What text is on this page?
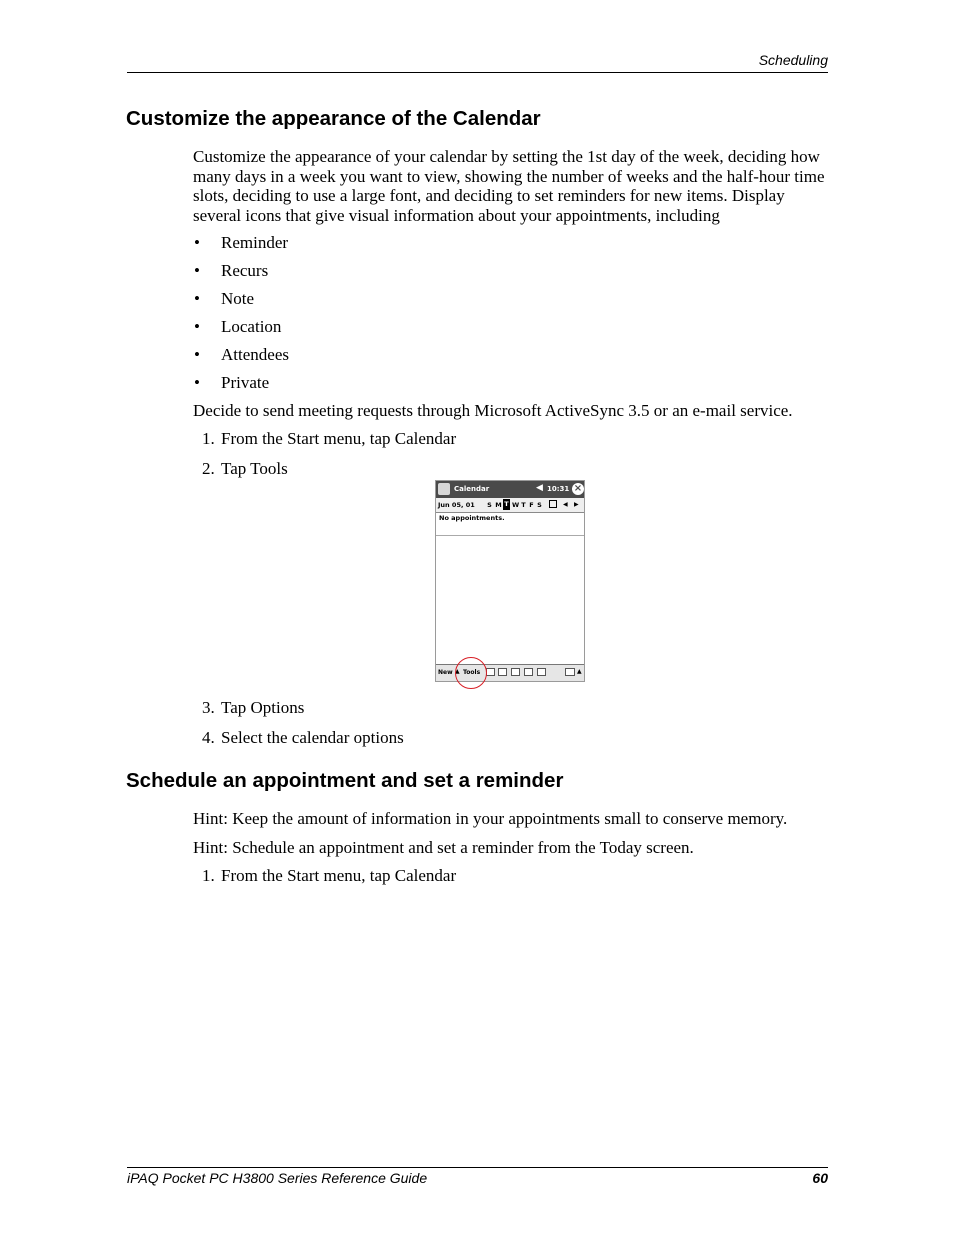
Scheduling
Customize the appearance of the Calendar
Customize the appearance of your calendar by setting the 1st day of the week, deciding how many days in a week you want to view, showing the number of weeks and the half-hour time slots, deciding to use a large font, and deciding to set reminders for new items. Display several icons that give visual information about your appointments, including
• Reminder
• Recurs
• Note
• Location
• Attendees
• Private
Decide to send meeting requests through Microsoft ActiveSync 3.5 or an e-mail service.
1. From the Start menu, tap Calendar
2. Tap Tools
Calendar	◀ 10:31 ×
Jun 05, 01 S M T W T F S	◀ ▶
No appointments.
New ▲ Tools	▲
3. Tap Options
4. Select the calendar options
Schedule an appointment and set a reminder
Hint: Keep the amount of information in your appointments small to conserve memory.
Hint: Schedule an appointment and set a reminder from the Today screen.
1. From the Start menu, tap Calendar
iPAQ Pocket PC H3800 Series Reference Guide	60
